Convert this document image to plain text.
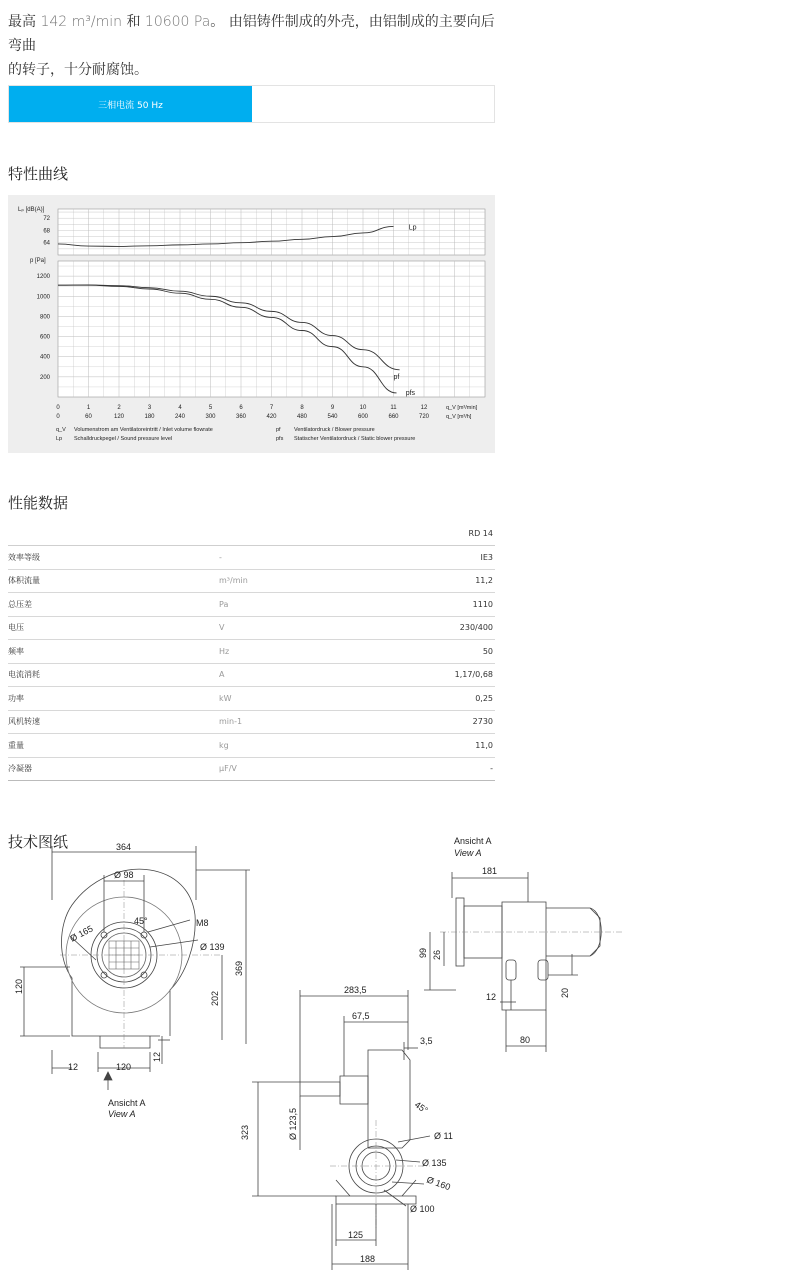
最高 142 m³/min 和 10600 Pa。 由铝铸件制成的外壳，由铝制成的主要向后弯曲
的转子，十分耐腐蚀。
三相电流 50 Hz
特性曲线
Lₚ [dB(A)]
64
68
72
p [Pa]
200
400
600
800
1000
1200
Lp
pf
pfs
0	1	2	3	4	5	6	7	8	9	10	11	12
0	60	120	180	240	300	360	420	480	540	600	660	720
q_V [m³/min]
q_V [m³/h]
q_V Volumenstrom am Ventilatoreintritt / Inlet volume flowrate
Lp Schalldruckpegel / Sound pressure level
pf Ventilatordruck / Blower pressure
pfs Statischer Ventilatordruck / Static blower pressure
性能数据
RD 14
效率等级	-	IE3
体积流量	m³/min	11,2
总压差	Pa	1110
电压	V	230/400
频率	Hz	50
电流消耗	A	1,17/0,68
功率	kW	0,25
风机转速	min-1	2730
重量	kg	11,0
冷凝器	µF/V	-
技术图纸	364
Ø 98
45°	M8
Ø 165
Ø 139
369
202
120
12	120
12
Ansicht A
View A
Ansicht A
View A
181
99 26
12	20
80
283,5
67,5
3,5
45°
Ø 123,5	Ø 11
Ø 135
Ø 160
323
Ø 100
125
188
